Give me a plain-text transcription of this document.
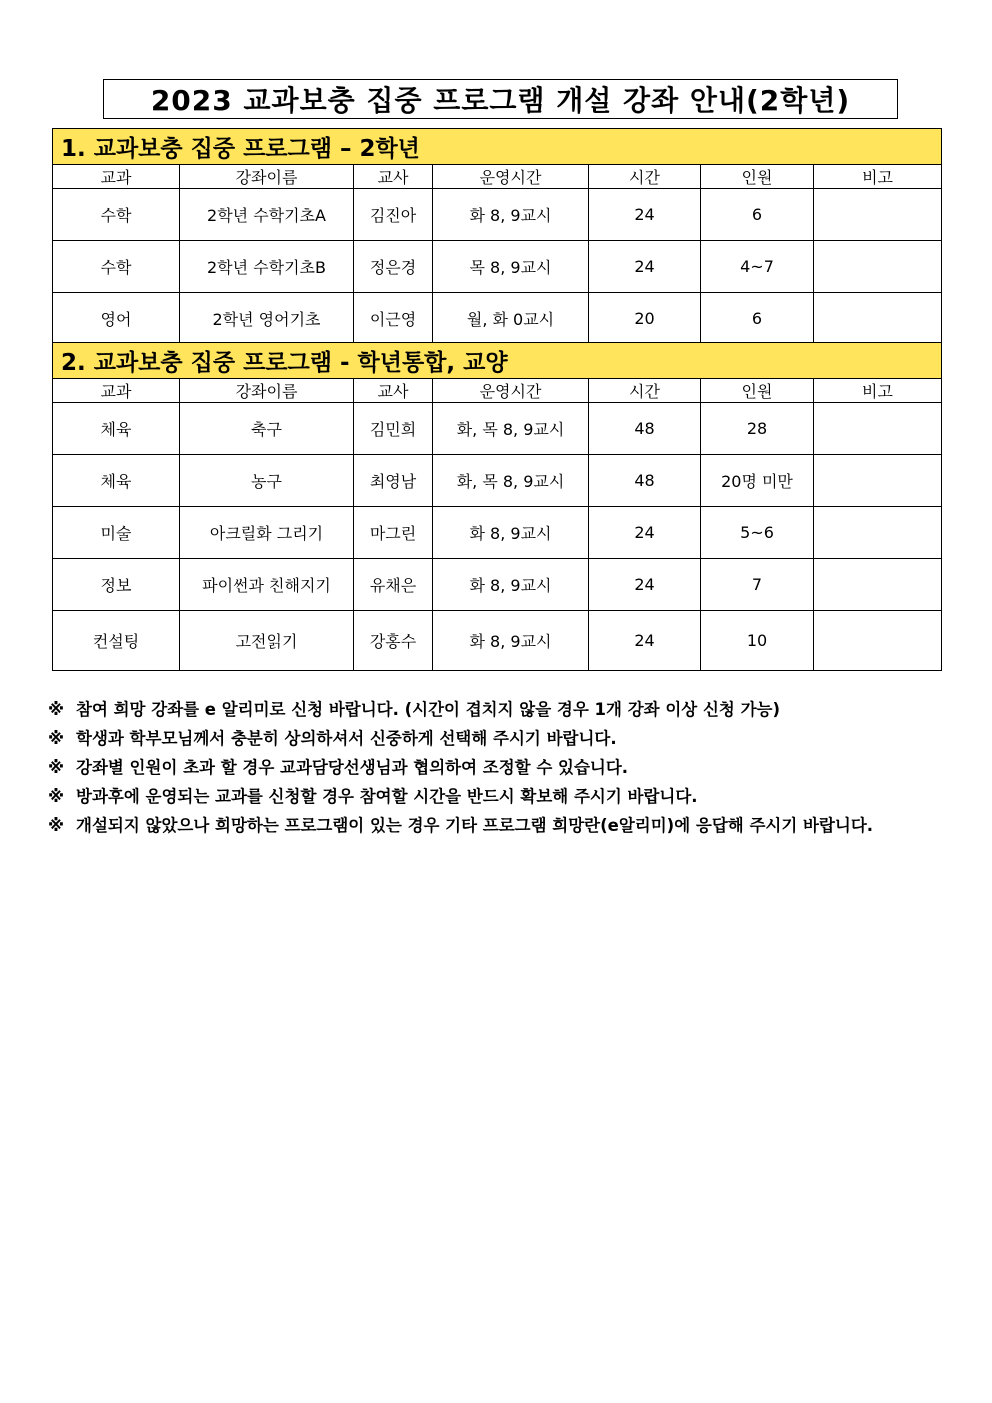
2023 교과보충 집중 프로그램 개설 강좌 안내(2학년)
1. 교과보충 집중 프로그램 – 2학년						
교과	강좌이름	교사	운영시간	시간	인원	비고
수학	2학년 수학기초A	김진아	화 8, 9교시	24	6	
수학	2학년 수학기초B	정은경	목 8, 9교시	24	4~7	
영어	2학년 영어기초	이근영	월, 화 0교시	20	6	
2. 교과보충 집중 프로그램 - 학년통합, 교양						
교과	강좌이름	교사	운영시간	시간	인원	비고
체육	축구	김민희	화, 목 8, 9교시	48	28	
체육	농구	최영남	화, 목 8, 9교시	48	20명 미만	
미술	아크릴화 그리기	마그린	화 8, 9교시	24	5~6	
정보	파이썬과 친해지기	유채은	화 8, 9교시	24	7	
컨설팅	고전읽기	강홍수	화 8, 9교시	24	10	
※ 참여 희망 강좌를 e 알리미로 신청 바랍니다. (시간이 겹치지 않을 경우 1개 강좌 이상 신청 가능)
※ 학생과 학부모님께서 충분히 상의하셔서 신중하게 선택해 주시기 바랍니다.
※ 강좌별 인원이 초과 할 경우 교과담당선생님과 협의하여 조정할 수 있습니다.
※ 방과후에 운영되는 교과를 신청할 경우 참여할 시간을 반드시 확보해 주시기 바랍니다.
※ 개설되지 않았으나 희망하는 프로그램이 있는 경우 기타 프로그램 희망란(e알리미)에 응답해 주시기 바랍니다.
